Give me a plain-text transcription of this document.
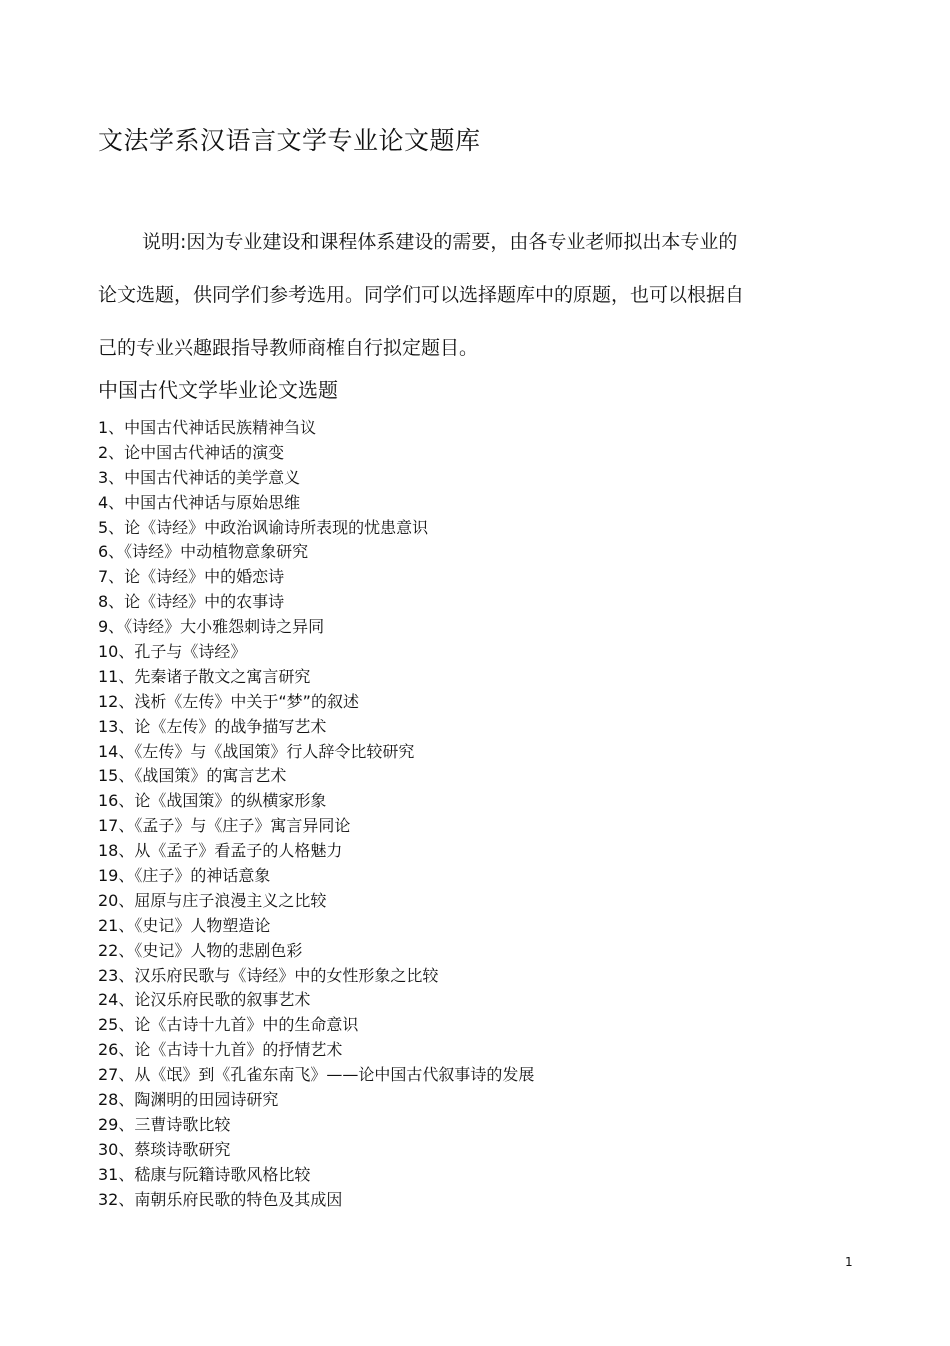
文法学系汉语言文学专业论文题库
说明:因为专业建设和课程体系建设的需要，由各专业老师拟出本专业的
论文选题，供同学们参考选用。同学们可以选择题库中的原题，也可以根据自
己的专业兴趣跟指导教师商榷自行拟定题目。
中国古代文学毕业论文选题
1、中国古代神话民族精神刍议
2、论中国古代神话的演变
3、中国古代神话的美学意义
4、中国古代神话与原始思维
5、论《诗经》中政治讽谕诗所表现的忧患意识
6、《诗经》中动植物意象研究
7、论《诗经》中的婚恋诗
8、论《诗经》中的农事诗
9、《诗经》大小雅怨刺诗之异同
10、孔子与《诗经》
11、先秦诸子散文之寓言研究
12、浅析《左传》中关于“梦”的叙述
13、论《左传》的战争描写艺术
14、《左传》与《战国策》行人辞令比较研究
15、《战国策》的寓言艺术
16、论《战国策》的纵横家形象
17、《孟子》与《庄子》寓言异同论
18、从《孟子》看孟子的人格魅力
19、《庄子》的神话意象
20、屈原与庄子浪漫主义之比较
21、《史记》人物塑造论
22、《史记》人物的悲剧色彩
23、汉乐府民歌与《诗经》中的女性形象之比较
24、论汉乐府民歌的叙事艺术
25、论《古诗十九首》中的生命意识
26、论《古诗十九首》的抒情艺术
27、从《氓》到《孔雀东南飞》——论中国古代叙事诗的发展
28、陶渊明的田园诗研究
29、三曹诗歌比较
30、蔡琰诗歌研究
31、嵇康与阮籍诗歌风格比较
32、南朝乐府民歌的特色及其成因
1
